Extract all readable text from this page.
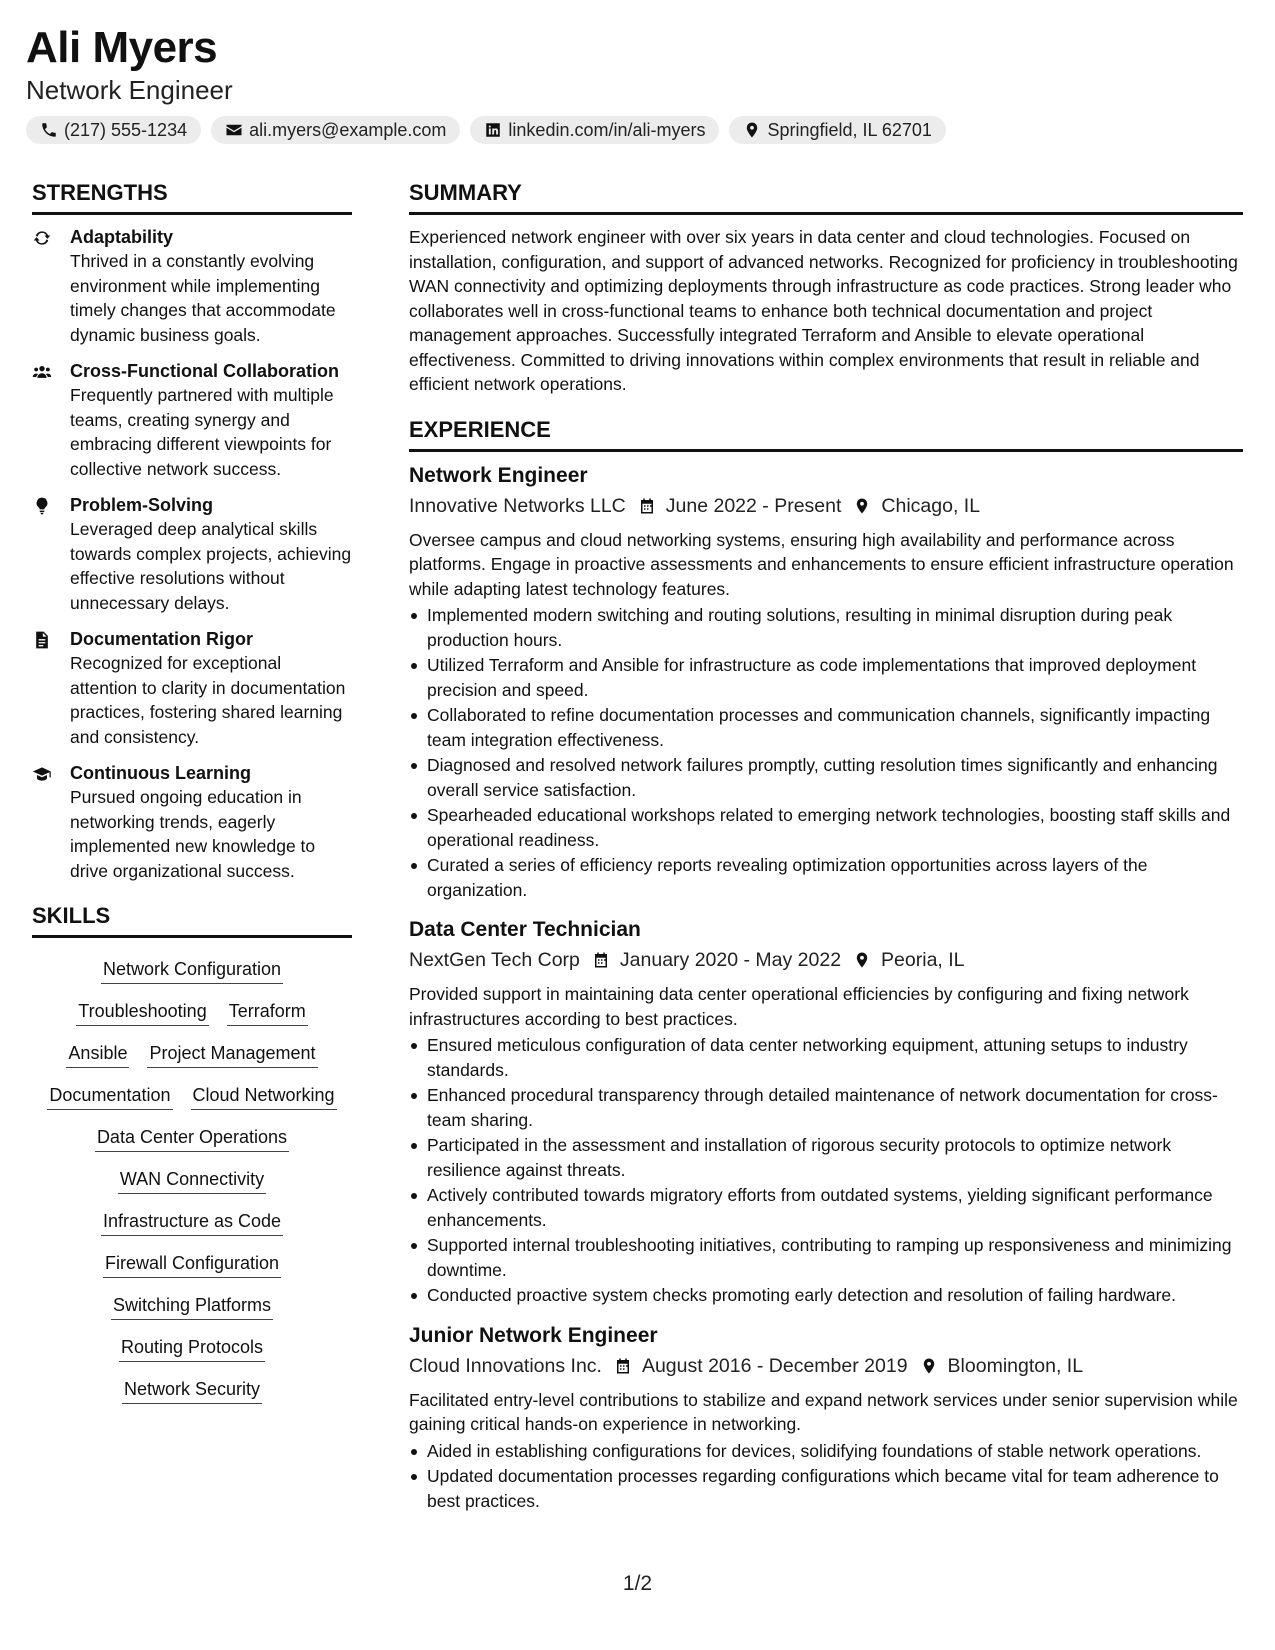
Ali Myers
Network Engineer
(217) 555-1234	ali.myers@example.com	linkedin.com/in/ali-myers	Springfield, IL 62701
STRENGTHS
Adaptability
Thrived in a constantly evolving environment while implementing timely changes that accommodate dynamic business goals.
Cross-Functional Collaboration
Frequently partnered with multiple teams, creating synergy and embracing different viewpoints for collective network success.
Problem-Solving
Leveraged deep analytical skills towards complex projects, achieving effective resolutions without unnecessary delays.
Documentation Rigor
Recognized for exceptional attention to clarity in documentation practices, fostering shared learning and consistency.
Continuous Learning
Pursued ongoing education in networking trends, eagerly implemented new knowledge to drive organizational success.
SKILLS
Network Configuration
Troubleshooting Terraform
Ansible Project Management
Documentation Cloud Networking
Data Center Operations
WAN Connectivity
Infrastructure as Code
Firewall Configuration
Switching Platforms
Routing Protocols
Network Security
SUMMARY
Experienced network engineer with over six years in data center and cloud technologies. Focused on installation, configuration, and support of advanced networks. Recognized for proficiency in troubleshooting WAN connectivity and optimizing deployments through infrastructure as code practices. Strong leader who collaborates well in cross-functional teams to enhance both technical documentation and project management approaches. Successfully integrated Terraform and Ansible to elevate operational effectiveness. Committed to driving innovations within complex environments that result in reliable and efficient network operations.
EXPERIENCE
Network Engineer
Innovative Networks LLC June 2022 - Present Chicago, IL
Oversee campus and cloud networking systems, ensuring high availability and performance across platforms. Engage in proactive assessments and enhancements to ensure efficient infrastructure operation while adapting latest technology features.
Implemented modern switching and routing solutions, resulting in minimal disruption during peak production hours.
Utilized Terraform and Ansible for infrastructure as code implementations that improved deployment precision and speed.
Collaborated to refine documentation processes and communication channels, significantly impacting team integration effectiveness.
Diagnosed and resolved network failures promptly, cutting resolution times significantly and enhancing overall service satisfaction.
Spearheaded educational workshops related to emerging network technologies, boosting staff skills and operational readiness.
Curated a series of efficiency reports revealing optimization opportunities across layers of the organization.
Data Center Technician
NextGen Tech Corp January 2020 - May 2022 Peoria, IL
Provided support in maintaining data center operational efficiencies by configuring and fixing network infrastructures according to best practices.
Ensured meticulous configuration of data center networking equipment, attuning setups to industry standards.
Enhanced procedural transparency through detailed maintenance of network documentation for cross-team sharing.
Participated in the assessment and installation of rigorous security protocols to optimize network resilience against threats.
Actively contributed towards migratory efforts from outdated systems, yielding significant performance enhancements.
Supported internal troubleshooting initiatives, contributing to ramping up responsiveness and minimizing downtime.
Conducted proactive system checks promoting early detection and resolution of failing hardware.
Junior Network Engineer
Cloud Innovations Inc. August 2016 - December 2019 Bloomington, IL
Facilitated entry-level contributions to stabilize and expand network services under senior supervision while gaining critical hands-on experience in networking.
Aided in establishing configurations for devices, solidifying foundations of stable network operations.
Updated documentation processes regarding configurations which became vital for team adherence to best practices.
1/2
